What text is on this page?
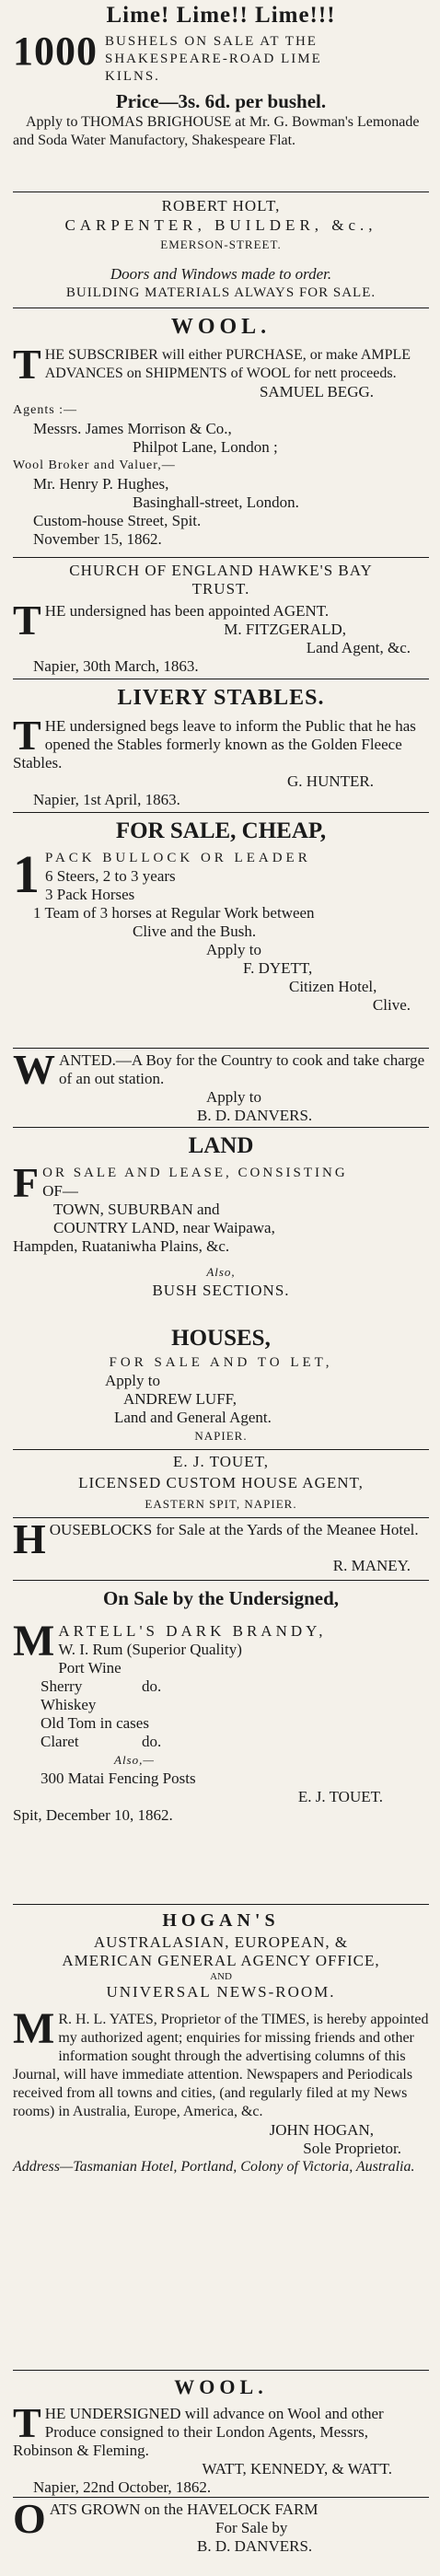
Lime! Lime!! Lime!!!
1000 BUSHELS ON SALE AT THE
SHAKESPEARE-ROAD LIME
KILNS.
Price—3s. 6d. per bushel.

Apply to THOMAS BRIGHOUSE at Mr. G. Bowman's Lemonade and Soda Water Manufactory, Shakespeare Flat.

ROBERT HOLT,
CARPENTER, BUILDER, &c.,
EMERSON-STREET.
Doors and Windows made to order.
BUILDING MATERIALS ALWAYS FOR SALE.
WOOL.

T HE SUBSCRIBER will either PURCHASE, or make AMPLE ADVANCES on SHIPMENTS of WOOL for nett proceeds.

SAMUEL BEGG.
Agents :—
Messrs. James Morrison & Co.,
Philpot Lane, London ;
Wool Broker and Valuer,—
Mr. Henry P. Hughes,
Basinghall-street, London.
Custom-house Street, Spit.
November 15, 1862.
CHURCH OF ENGLAND HAWKE'S BAY
TRUST.

T HE undersigned has been appointed AGENT.

M. FITZGERALD,
Land Agent, &c.
Napier, 30th March, 1863.
LIVERY STABLES.

T HE undersigned begs leave to inform the Public that he has opened the Stables formerly known as the Golden Fleece Stables.

G. HUNTER.
Napier, 1st April, 1863.
FOR SALE, CHEAP,
1 PACK BULLOCK OR LEADER
6 Steers, 2 to 3 years
3 Pack Horses
1 Team of 3 horses at Regular Work between
Clive and the Bush.
Apply to
F. DYETT,
Citizen Hotel,
Clive.

W ANTED.—A Boy for the Country to cook and take charge of an out station.

Apply to
B. D. DANVERS.
LAND
F OR SALE AND LEASE, CONSISTING
OF—
TOWN, SUBURBAN and
COUNTRY LAND, near Waipawa,
Hampden, Ruataniwha Plains, &c.
Also,
BUSH SECTIONS.
HOUSES,
FOR SALE AND TO LET,
Apply to
ANDREW LUFF,
Land and General Agent.
NAPIER.
E. J. TOUET,
LICENSED CUSTOM HOUSE AGENT,
EASTERN SPIT, NAPIER.

H OUSEBLOCKS for Sale at the Yards of the Meanee Hotel.

R. MANEY.
On Sale by the Undersigned,
M ARTELL'S DARK BRANDY,
W. I. Rum (Superior Quality)
Port Wine
Sherry	do.
Whiskey
Old Tom in cases
Claret	do.
Also,—
300 Matai Fencing Posts
E. J. TOUET.
Spit, December 10, 1862.
HOGAN'S
AUSTRALASIAN, EUROPEAN, &
AMERICAN GENERAL AGENCY OFFICE,
AND
UNIVERSAL NEWS-ROOM.

M R. H. L. YATES, Proprietor of the TIMES, is hereby appointed my authorized agent; enquiries for missing friends and other information sought through the advertising columns of this Journal, will have immediate attention. Newspapers and Periodicals received from all towns and cities, (and regularly filed at my News rooms) in Australia, Europe, America, &c.

JOHN HOGAN,
Sole Proprietor.
Address—Tasmanian Hotel, Portland, Colony of Victoria, Australia.
WOOL.

T HE UNDERSIGNED will advance on Wool and other Produce consigned to their London Agents, Messrs, Robinson & Fleming.

WATT, KENNEDY, & WATT.
Napier, 22nd October, 1862.

O ATS GROWN on the HAVELOCK FARM

For Sale by
B. D. DANVERS.
